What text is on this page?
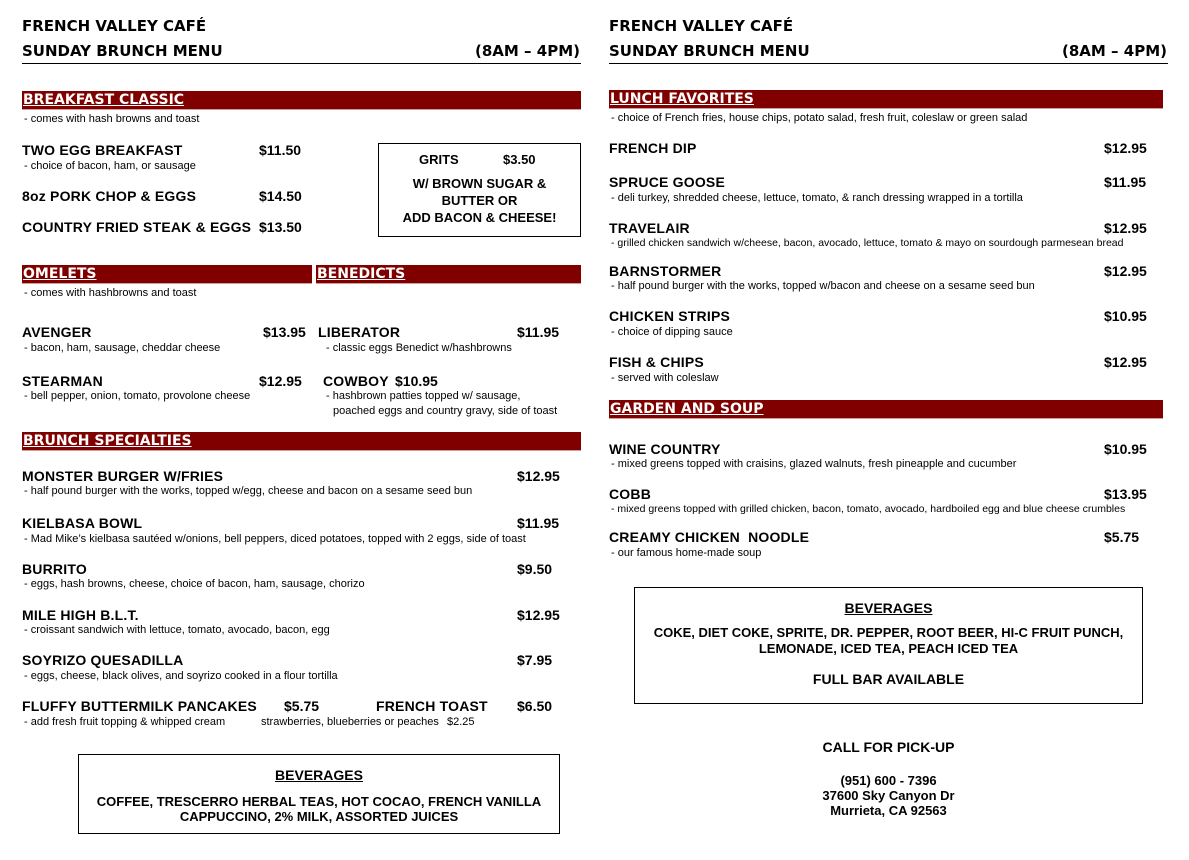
FRENCH VALLEY CAFÉ
SUNDAY BRUNCH MENU	(8AM – 4PM)
BREAKFAST CLASSIC
- comes with hash browns and toast
TWO EGG BREAKFAST	$11.50
- choice of bacon, ham, or sausage
8oz PORK CHOP & EGGS	$14.50
COUNTRY FRIED STEAK & EGGS $13.50
GRITS	$3.50
W/ BROWN SUGAR &
BUTTER OR
ADD BACON & CHEESE!
OMELETS	BENEDICTS
- comes with hashbrowns and toast
AVENGER	$13.95
- bacon, ham, sausage, cheddar cheese
STEARMAN	$12.95
- bell pepper, onion, tomato, provolone cheese
LIBERATOR	$11.95
- classic eggs Benedict w/hashbrowns
COWBOY $10.95
- hashbrown patties topped w/ sausage,
poached eggs and country gravy, side of toast
BRUNCH SPECIALTIES
MONSTER BURGER W/FRIES	$12.95
- half pound burger with the works, topped w/egg, cheese and bacon on a sesame seed bun
KIELBASA BOWL	$11.95
- Mad Mike’s kielbasa sautéed w/onions, bell peppers, diced potatoes, topped with 2 eggs, side of toast
BURRITO	$9.50
- eggs, hash browns, cheese, choice of bacon, ham, sausage, chorizo
MILE HIGH B.L.T.	$12.95
- croissant sandwich with lettuce, tomato, avocado, bacon, egg
SOYRIZO QUESADILLA	$7.95
- eggs, cheese, black olives, and soyrizo cooked in a flour tortilla
FLUFFY BUTTERMILK PANCAKES $5.75
- add fresh fruit topping & whipped cream
FRENCH TOAST $6.50
strawberries, blueberries or peaches $2.25
BEVERAGES
COFFEE, TRESCERRO HERBAL TEAS, HOT COCAO, FRENCH VANILLA
CAPPUCCINO, 2% MILK, ASSORTED JUICES
FRENCH VALLEY CAFÉ
SUNDAY BRUNCH MENU	(8AM – 4PM)
LUNCH FAVORITES
- choice of French fries, house chips, potato salad, fresh fruit, coleslaw or green salad
FRENCH DIP	$12.95
SPRUCE GOOSE	$11.95
- deli turkey, shredded cheese, lettuce, tomato, & ranch dressing wrapped in a tortilla
TRAVELAIR	$12.95
- grilled chicken sandwich w/cheese, bacon, avocado, lettuce, tomato & mayo on sourdough parmesean bread
BARNSTORMER	$12.95
- half pound burger with the works, topped w/bacon and cheese on a sesame seed bun
CHICKEN STRIPS	$10.95
- choice of dipping sauce
FISH & CHIPS	$12.95
- served with coleslaw
GARDEN AND SOUP
WINE COUNTRY	$10.95
- mixed greens topped with craisins, glazed walnuts, fresh pineapple and cucumber
COBB	$13.95
- mixed greens topped with grilled chicken, bacon, tomato, avocado, hardboiled egg and blue cheese crumbles
CREAMY CHICKEN  NOODLE	$5.75
- our famous home-made soup
BEVERAGES
COKE, DIET COKE, SPRITE, DR. PEPPER, ROOT BEER, HI-C FRUIT PUNCH,
LEMONADE, ICED TEA, PEACH ICED TEA
FULL BAR AVAILABLE
CALL FOR PICK-UP
(951) 600 - 7396
37600 Sky Canyon Dr
Murrieta, CA 92563
